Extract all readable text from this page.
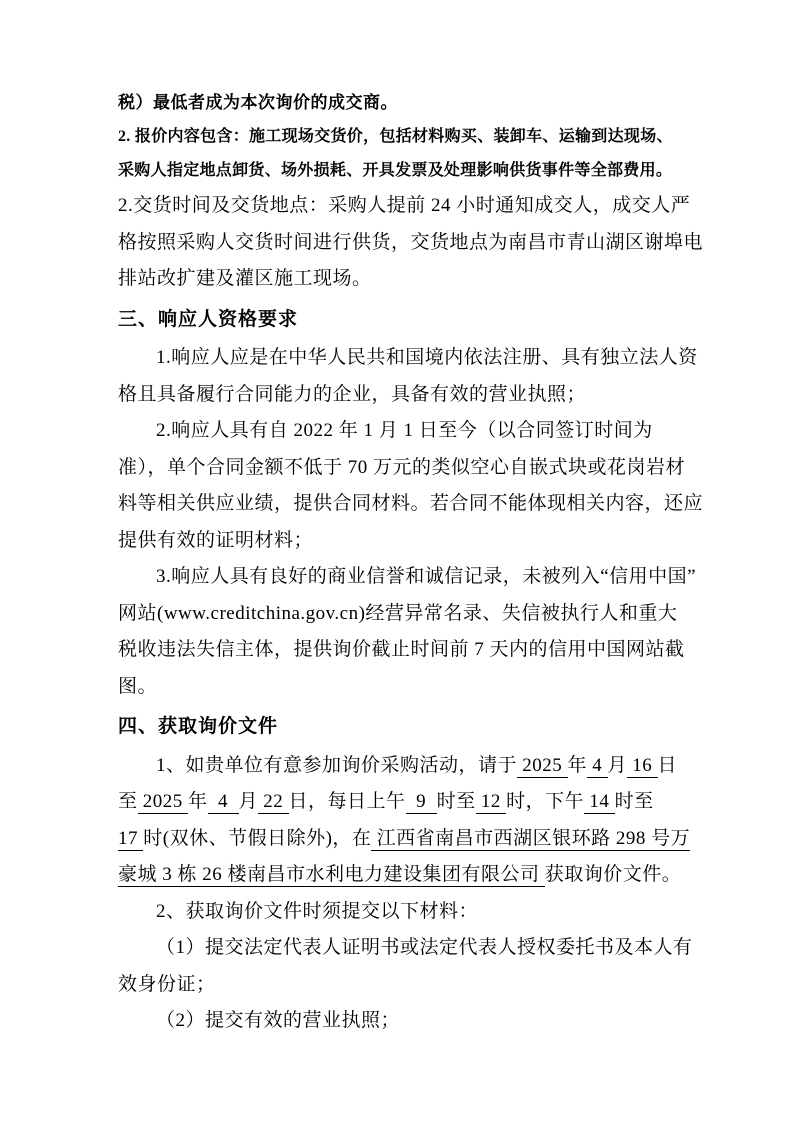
税）最低者成为本次询价的成交商。
2. 报价内容包含：施工现场交货价，包括材料购买、装卸车、运输到达现场、
采购人指定地点卸货、场外损耗、开具发票及处理影响供货事件等全部费用。
2.交货时间及交货地点：采购人提前 24 小时通知成交人，成交人严
格按照采购人交货时间进行供货，交货地点为南昌市青山湖区谢埠电
排站改扩建及灌区施工现场。
三、响应人资格要求
1.响应人应是在中华人民共和国境内依法注册、具有独立法人资
格且具备履行合同能力的企业，具备有效的营业执照；
2.响应人具有自 2022 年 1 月 1 日至今（以合同签订时间为
准），单个合同金额不低于 70 万元的类似空心自嵌式块或花岗岩材
料等相关供应业绩，提供合同材料。若合同不能体现相关内容，还应
提供有效的证明材料；
3.响应人具有良好的商业信誉和诚信记录，未被列入“信用中国”
网站(www.creditchina.gov.cn)经营异常名录、失信被执行人和重大
税收违法失信主体，提供询价截止时间前 7 天内的信用中国网站截
图。
四、获取询价文件
1、如贵单位有意参加询价采购活动，请于 2025 年 4 月 16 日
至 2025 年  4  月 22 日，每日上午  9  时至 12 时，下午 14 时至
17 时(双休、节假日除外)，在 江西省南昌市西湖区银环路 298 号万
豪城 3 栋 26 楼南昌市水利电力建设集团有限公司 获取询价文件。
2、获取询价文件时须提交以下材料：
（1）提交法定代表人证明书或法定代表人授权委托书及本人有
效身份证；
（2）提交有效的营业执照；
